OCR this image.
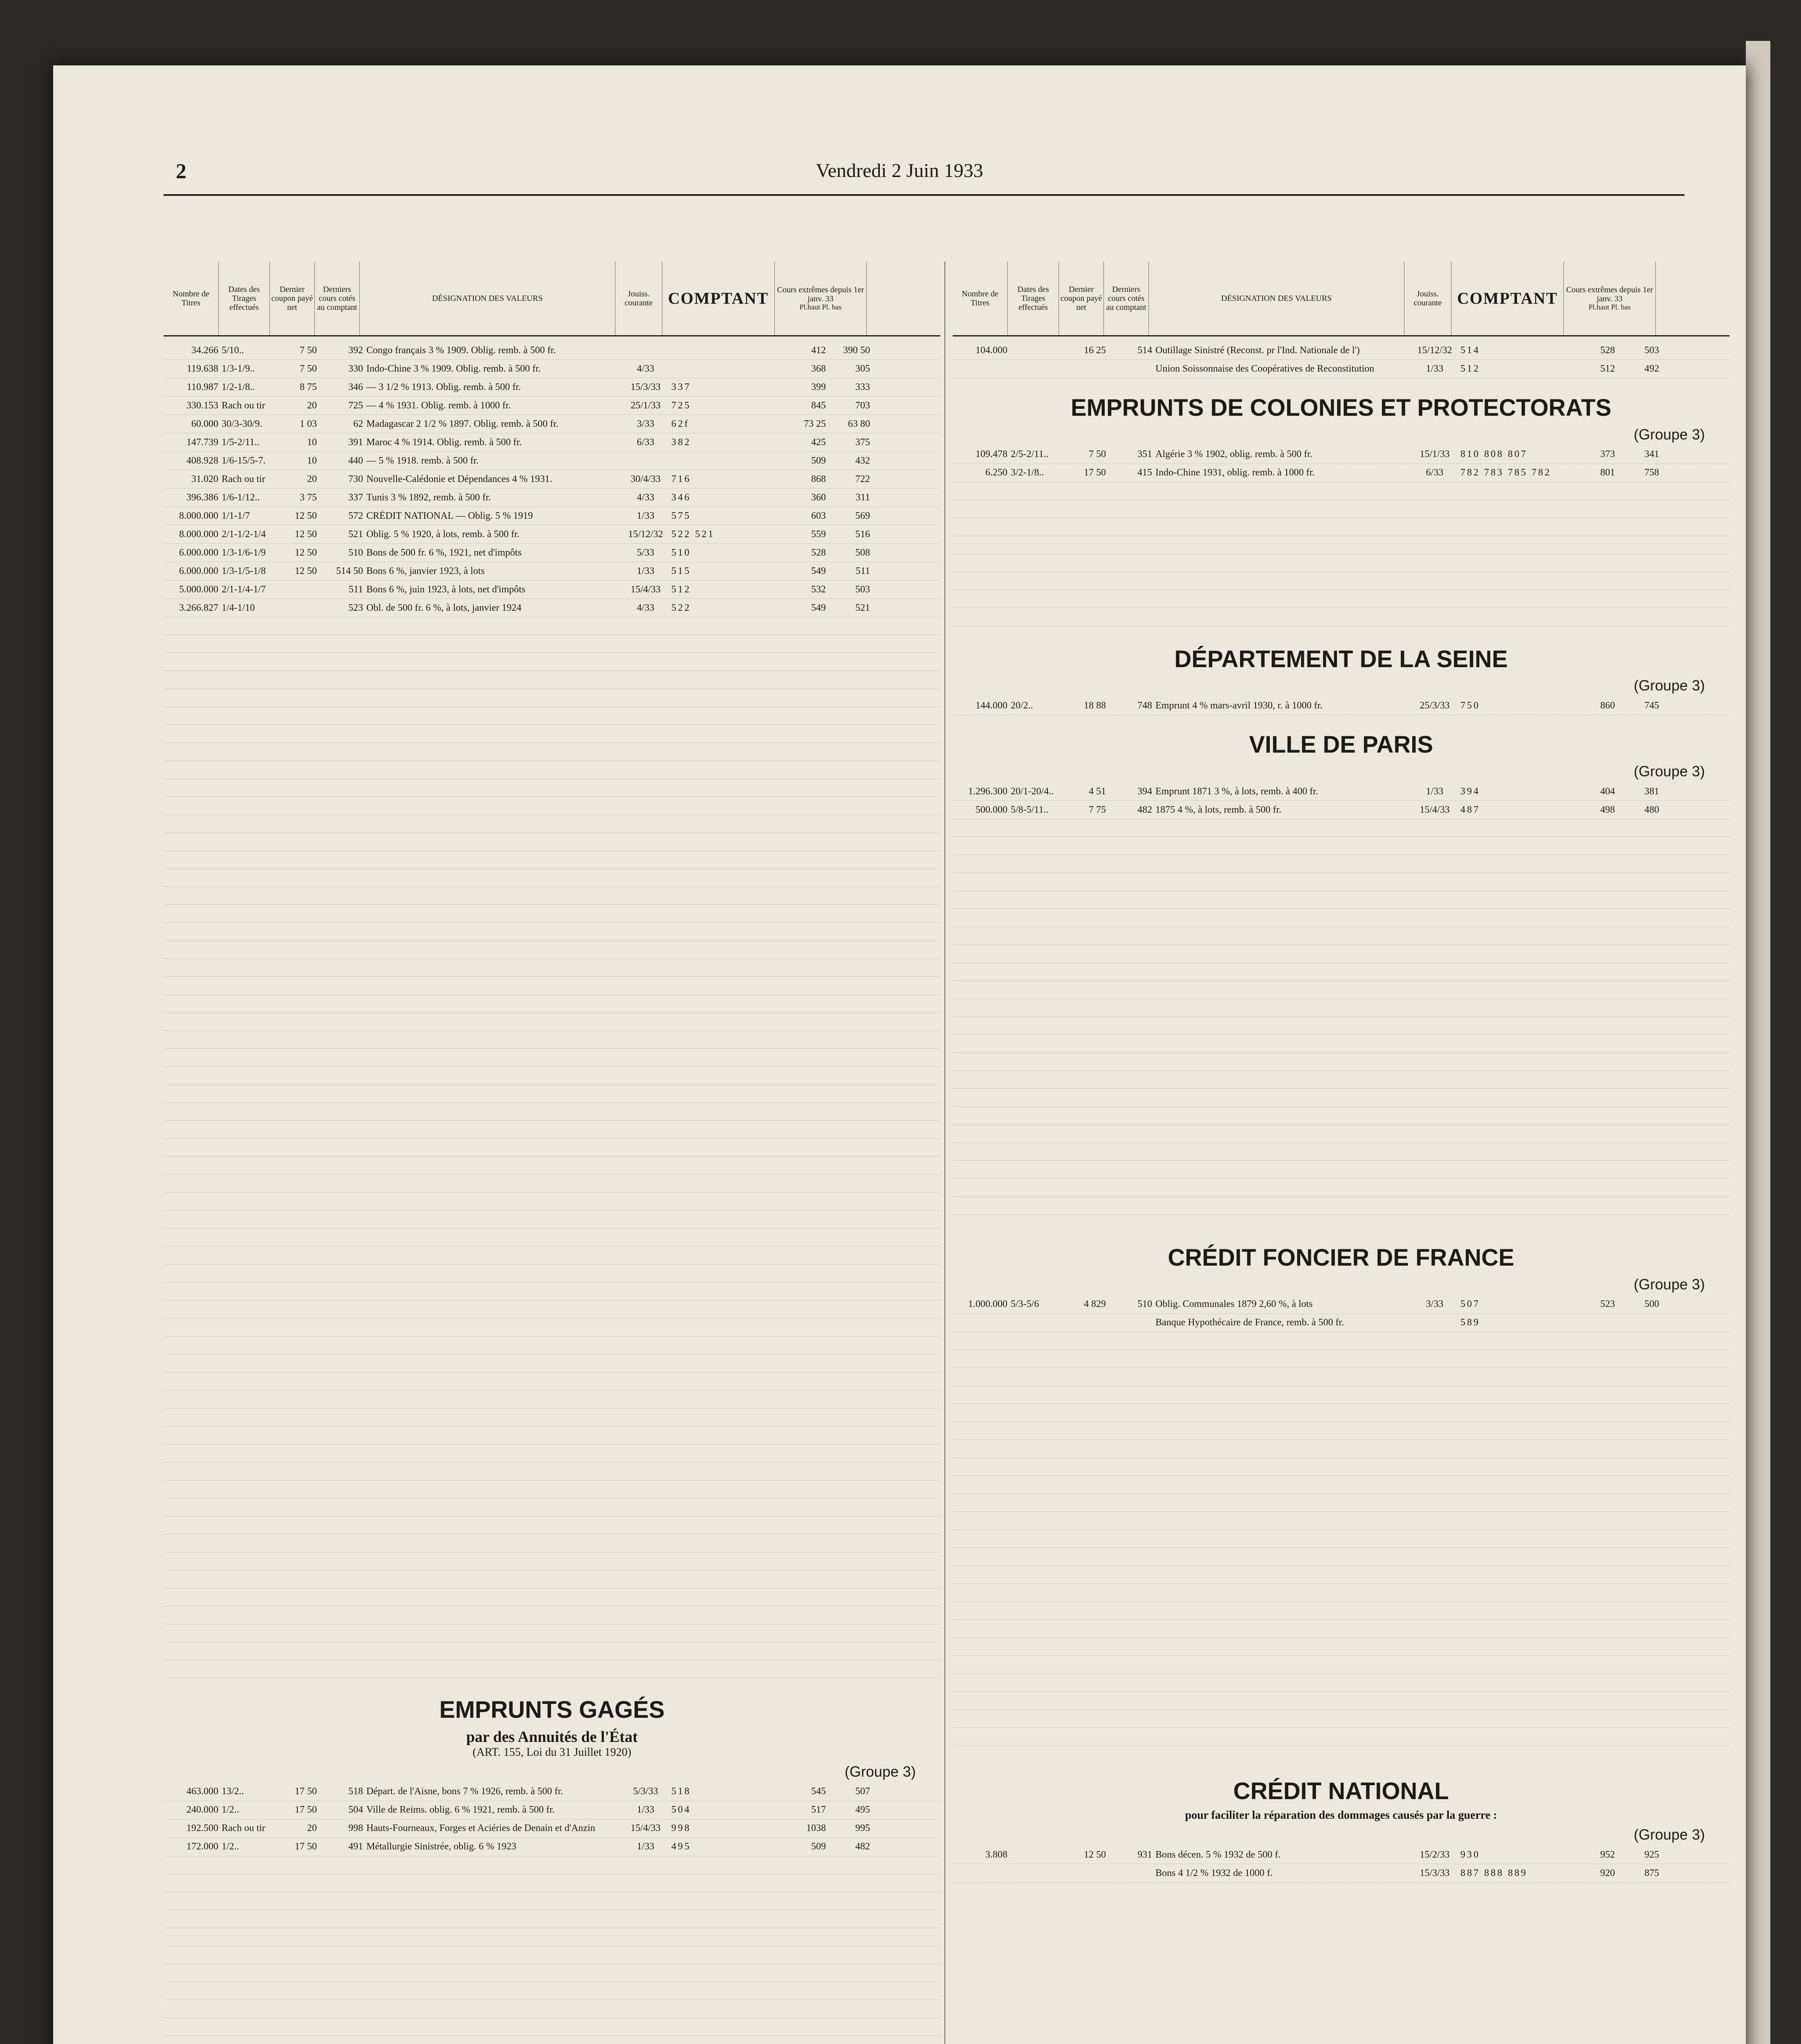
2	Vendredi 2 Juin 1933
Nombre de Titres
Dates des Tirages effectués
Dernier coupon payé net
Derniers cours cotés au comptant
DÉSIGNATION DES VALEURS	Jouiss. courante COMPTANT	Cours extrêmes depuis 1er janv. 33
Pl.haut Pl. bas
34.266 5/10..	7 50	392 Congo français 3 % 1909. Oblig. remb. à 500 fr.	412	390 50
119.638 1/3-1/9..	7 50	330 Indo-Chine 3 % 1909. Oblig. remb. à 500 fr.	4/33	368	305
110.987 1/2-1/8..	8 75	346 — 3 1/2 % 1913. Oblig. remb. à 500 fr.	15/3/33	337	399	333
330.153 Rach ou tir	20	725 — 4 % 1931. Oblig. remb. à 1000 fr.	25/1/33	725	845	703
60.000 30/3-30/9.	1 03	62 Madagascar 2 1/2 % 1897. Oblig. remb. à 500 fr.	3/33	62f	73 25	63 80
147.739 1/5-2/11..	10	391 Maroc 4 % 1914. Oblig. remb. à 500 fr.	6/33	382	425	375
408.928 1/6-15/5-7.	10	440 — 5 % 1918. remb. à 500 fr.	509	432
31.020 Rach ou tir	20	730 Nouvelle-Calédonie et Dépendances 4 % 1931.	30/4/33	716	868	722
396.386 1/6-1/12..	3 75	337 Tunis 3 % 1892, remb. à 500 fr.	4/33	346	360	311
8.000.000 1/1-1/7	12 50	572 CRÉDIT NATIONAL — Oblig. 5 % 1919	1/33	575	603	569
8.000.000 2/1-1/2-1/4	12 50	521 Oblig. 5 % 1920, à lots, remb. à 500 fr.	15/12/32 522 521	559	516
6.000.000 1/3-1/6-1/9	12 50	510 Bons de 500 fr. 6 %, 1921, net d'impôts	5/33	510	528	508
6.000.000 1/3-1/5-1/8	12 50	514 50 Bons 6 %, janvier 1923, à lots	1/33	515	549	511
5.000.000 2/1-1/4-1/7	511 Bons 6 %, juin 1923, à lots, net d'impôts	15/4/33	512	532	503
3.266.827 1/4-1/10	523 Obl. de 500 fr. 6 %, à lots, janvier 1924	4/33	522	549	521
EMPRUNTS GAGÉS
par des Annuités de l'État
(ART. 155, Loi du 31 Juillet 1920)
(Groupe 3)
463.000 13/2..	17 50	518 Départ. de l'Aisne, bons 7 % 1926, remb. à 500 fr.	5/3/33	518	545	507
240.000 1/2..	17 50	504 Ville de Reims. oblig. 6 % 1921, remb. à 500 fr.	1/33	504	517	495
192.500 Rach ou tir	20	998 Hauts-Fourneaux, Forges et Aciéries de Denain et d'Anzin	15/4/33	998	1038	995
172.000 1/2..	17 50	491 Métallurgie Sinistrée, oblig. 6 % 1923	1/33	495	509	482
Nombre de Titres
Dates des Tirages effectués
Dernier coupon payé net
Derniers cours cotés au comptant
DÉSIGNATION DES VALEURS	Jouiss. courante COMPTANT	Cours extrêmes depuis 1er janv. 33
Pl.haut Pl. bas
104.000	16 25	514 Outillage Sinistré (Reconst. pr l'Ind. Nationale de l')	15/12/32 514	528	503
Union Soissonnaise des Coopératives de Reconstitution	1/33	512	512	492
EMPRUNTS DE COLONIES ET PROTECTORATS
(Groupe 3)
109.478 2/5-2/11..	7 50	351 Algérie 3 % 1902, oblig. remb. à 500 fr.	15/1/33	810 808 807	373	341
6.250 3/2-1/8..	17 50	415 Indo-Chine 1931, oblig. remb. à 1000 fr.	6/33	782 783 785 782	801	758
DÉPARTEMENT DE LA SEINE
(Groupe 3)
144.000 20/2..	18 88	748 Emprunt 4 % mars-avril 1930, r. à 1000 fr.	25/3/33	750	860	745
VILLE DE PARIS
(Groupe 3)
1.296.300 20/1-20/4..	4 51	394 Emprunt 1871 3 %, à lots, remb. à 400 fr.	1/33	394	404	381
500.000 5/8-5/11..	7 75	482 1875 4 %, à lots, remb. à 500 fr.	15/4/33	487	498	480
CRÉDIT FONCIER DE FRANCE
(Groupe 3)
1.000.000 5/3-5/6	4 829	510 Oblig. Communales 1879 2,60 %, à lots	3/33	507	523	500
Banque Hypothécaire de France, remb. à 500 fr.	589
CRÉDIT NATIONAL
pour faciliter la réparation des dommages causés par la guerre :
(Groupe 3)
3.808	12 50	931 Bons décen. 5 % 1932 de 500 f.	15/2/33	930	952	925
Bons 4 1/2 % 1932 de 1000 f.	15/3/33	887 888 889	920	875
